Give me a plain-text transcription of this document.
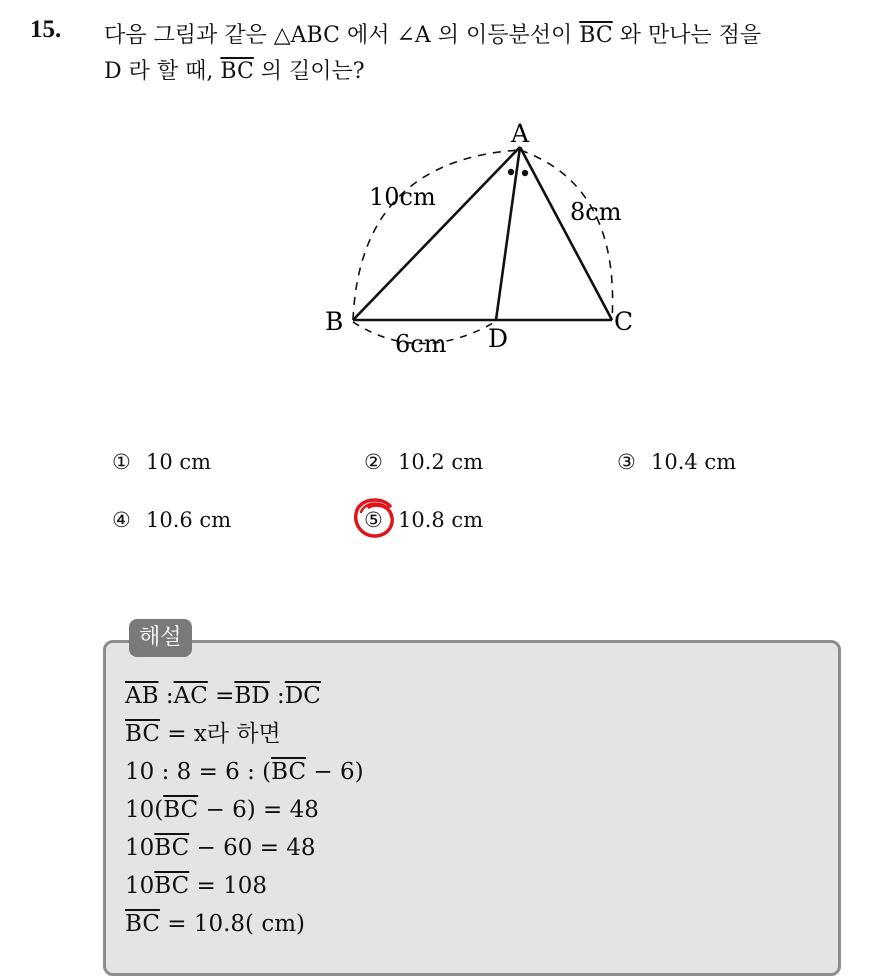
15. 다음 그림과 같은 △ABC 에서 ∠A 의 이등분선이 $\overline{BC}$ 와 만나는 점을
D 라 할 때, $\overline{BC}$ 의 길이는?
A
B	C
D
10cm
8cm
6cm
① 10 cm	② 10.2 cm	③ 10.4 cm
④ 10.6 cm	⑤ 10.8 cm
해설
$\overline{AB}$ $:\overline{AC} =\overline{BD}$ $:\overline{DC}$
$\overline{BC} = x$라 하면
10 : 8 = 6 : $(\overline{BC} - 6)$
$10(\overline{BC} - 6) = 48$
$10\overline{BC} - 60 = 48$
$10\overline{BC} = 108$
$\overline{BC} = 10.8$( cm)
